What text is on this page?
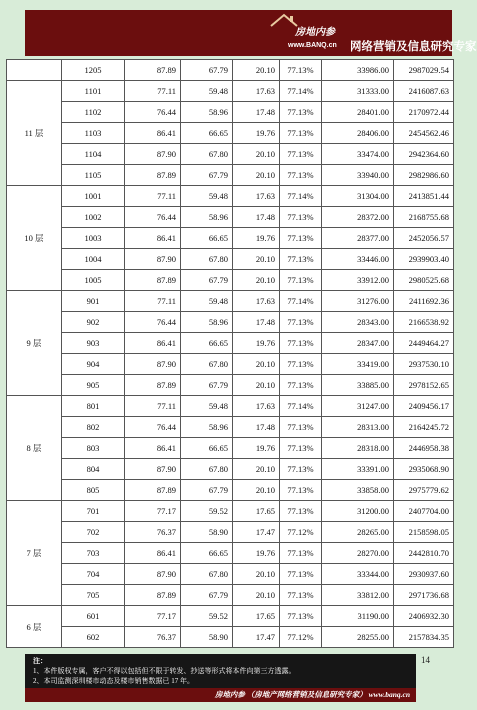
房地内参
www.BANQ.cn 网络营销及信息研究专家
	1205	87.89	67.79	20.10	77.13%	33986.00	2987029.54
11 层	1101	77.11	59.48	17.63	77.14%	31333.00	2416087.63
	1102	76.44	58.96	17.48	77.13%	28401.00	2170972.44
	1103	86.41	66.65	19.76	77.13%	28406.00	2454562.46
	1104	87.90	67.80	20.10	77.13%	33474.00	2942364.60
	1105	87.89	67.79	20.10	77.13%	33940.00	2982986.60
10 层	1001	77.11	59.48	17.63	77.14%	31304.00	2413851.44
	1002	76.44	58.96	17.48	77.13%	28372.00	2168755.68
	1003	86.41	66.65	19.76	77.13%	28377.00	2452056.57
	1004	87.90	67.80	20.10	77.13%	33446.00	2939903.40
	1005	87.89	67.79	20.10	77.13%	33912.00	2980525.68
9 层	901	77.11	59.48	17.63	77.14%	31276.00	2411692.36
	902	76.44	58.96	17.48	77.13%	28343.00	2166538.92
	903	86.41	66.65	19.76	77.13%	28347.00	2449464.27
	904	87.90	67.80	20.10	77.13%	33419.00	2937530.10
	905	87.89	67.79	20.10	77.13%	33885.00	2978152.65
8 层	801	77.11	59.48	17.63	77.14%	31247.00	2409456.17
	802	76.44	58.96	17.48	77.13%	28313.00	2164245.72
	803	86.41	66.65	19.76	77.13%	28318.00	2446958.38
	804	87.90	67.80	20.10	77.13%	33391.00	2935068.90
	805	87.89	67.79	20.10	77.13%	33858.00	2975779.62
7 层	701	77.17	59.52	17.65	77.13%	31200.00	2407704.00
	702	76.37	58.90	17.47	77.12%	28265.00	2158598.05
	703	86.41	66.65	19.76	77.13%	28270.00	2442810.70
	704	87.90	67.80	20.10	77.13%	33344.00	2930937.60
	705	87.89	67.79	20.10	77.13%	33812.00	2971736.68
6 层	601	77.17	59.52	17.65	77.13%	31190.00	2406932.30
	602	76.37	58.90	17.47	77.12%	28255.00	2157834.35
注：
1、本件版权专属，客户不得以包括但不限于转发、抄送等形式将本件向第三方透露。
2、本司监测深圳楼市动态及楼市销售数据已 17 年。
房地内参 （房地产网络营销及信息研究专家） www.banq.cn
14
